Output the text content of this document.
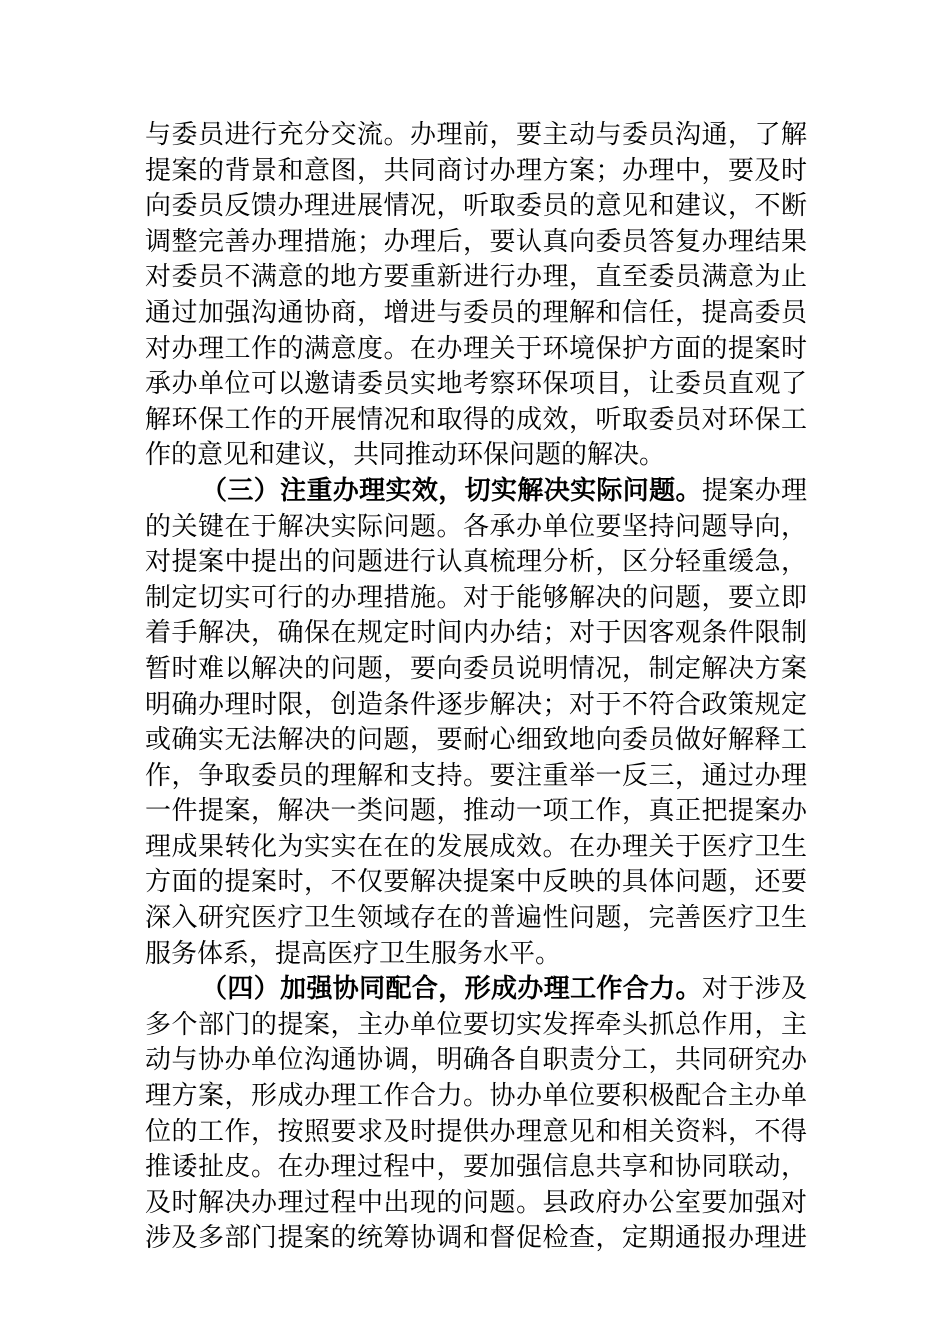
与委员进行充分交流。办理前，要主动与委员沟通，了解
提案的背景和意图，共同商讨办理方案；办理中，要及时
向委员反馈办理进展情况，听取委员的意见和建议，不断
调整完善办理措施；办理后，要认真向委员答复办理结果
对委员不满意的地方要重新进行办理，直至委员满意为止
通过加强沟通协商，增进与委员的理解和信任，提高委员
对办理工作的满意度。在办理关于环境保护方面的提案时
承办单位可以邀请委员实地考察环保项目，让委员直观了
解环保工作的开展情况和取得的成效，听取委员对环保工
作的意见和建议，共同推动环保问题的解决。
（三）注重办理实效，切实解决实际问题。提案办理
的关键在于解决实际问题。各承办单位要坚持问题导向，
对提案中提出的问题进行认真梳理分析，区分轻重缓急，
制定切实可行的办理措施。对于能够解决的问题，要立即
着手解决，确保在规定时间内办结；对于因客观条件限制
暂时难以解决的问题，要向委员说明情况，制定解决方案
明确办理时限，创造条件逐步解决；对于不符合政策规定
或确实无法解决的问题，要耐心细致地向委员做好解释工
作，争取委员的理解和支持。要注重举一反三，通过办理
一件提案，解决一类问题，推动一项工作，真正把提案办
理成果转化为实实在在的发展成效。在办理关于医疗卫生
方面的提案时，不仅要解决提案中反映的具体问题，还要
深入研究医疗卫生领域存在的普遍性问题，完善医疗卫生
服务体系，提高医疗卫生服务水平。
（四）加强协同配合，形成办理工作合力。对于涉及
多个部门的提案，主办单位要切实发挥牵头抓总作用，主
动与协办单位沟通协调，明确各自职责分工，共同研究办
理方案，形成办理工作合力。协办单位要积极配合主办单
位的工作，按照要求及时提供办理意见和相关资料，不得
推诿扯皮。在办理过程中，要加强信息共享和协同联动，
及时解决办理过程中出现的问题。县政府办公室要加强对
涉及多部门提案的统筹协调和督促检查，定期通报办理进
